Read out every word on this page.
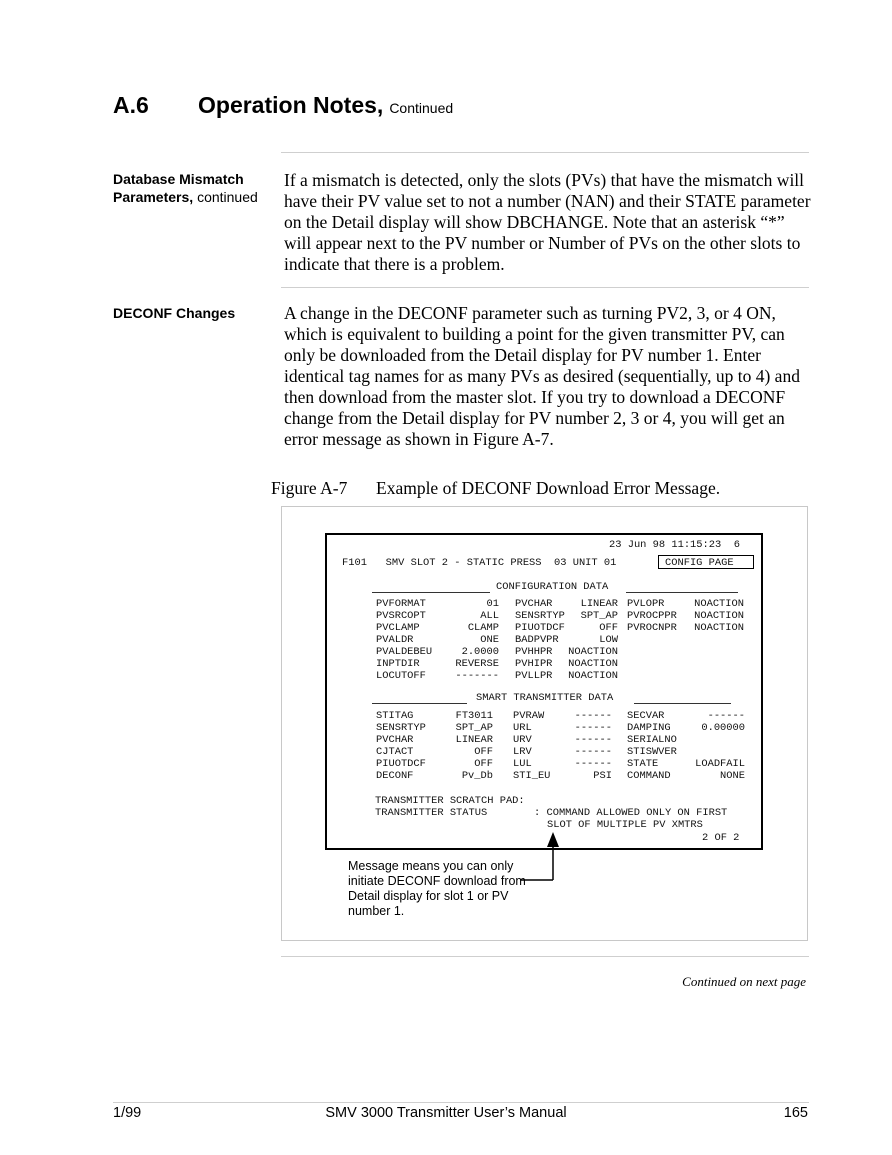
A.6 Operation Notes, Continued
Database Mismatch Parameters, continued
If a mismatch is detected, only the slots (PVs) that have the mismatch will have their PV value set to not a number (NAN) and their STATE parameter on the Detail display will show DBCHANGE. Note that an asterisk “*” will appear next to the PV number or Number of PVs on the other slots to indicate that there is a problem.
DECONF Changes	A change in the DECONF parameter such as turning PV2, 3, or 4 ON, which is equivalent to building a point for the given transmitter PV, can only be downloaded from the Detail display for PV number 1. Enter identical tag names for as many PVs as desired (sequentially, up to 4) and then download from the master slot. If you try to download a DECONF change from the Detail display for PV number 2, 3 or 4, you will get an error message as shown in Figure A-7.
Figure A-7 Example of DECONF Download Error Message.
23 Jun 98 11:15:23  6
F101   SMV SLOT 2 - STATIC PRESS  03 UNIT 01	CONFIG PAGE
CONFIGURATION DATA
PVFORMAT	01 PVCHAR	LINEAR PVLOPR	NOACTION
PVSRCOPT	ALL SENSRTYP	SPT_AP PVROCPPR	NOACTION
PVCLAMP	CLAMP PIUOTDCF	OFF PVROCNPR	NOACTION
PVALDR	ONE BADPVPR	LOW
PVALDEBEU	2.0000 PVHHPR	NOACTION
INPTDIR	REVERSE PVHIPR	NOACTION
LOCUTOFF	------- PVLLPR	NOACTION
SMART TRANSMITTER DATA
STITAG	FT3011 PVRAW	------ SECVAR	------
SENSRTYP	SPT_AP URL	------ DAMPING	0.00000
PVCHAR	LINEAR URV	------ SERIALNO
CJTACT	OFF LRV	------ STISWVER
PIUOTDCF	OFF LUL	------ STATE	LOADFAIL
DECONF	Pv_Db STI_EU	PSI COMMAND	NONE
TRANSMITTER SCRATCH PAD:
TRANSMITTER STATUS	: COMMAND ALLOWED ONLY ON FIRST
SLOT OF MULTIPLE PV XMTRS
2 OF 2
Message means you can only initiate DECONF download from Detail display for slot 1 or PV number 1.
Continued on next page
1/99	SMV 3000 Transmitter User’s Manual	165
